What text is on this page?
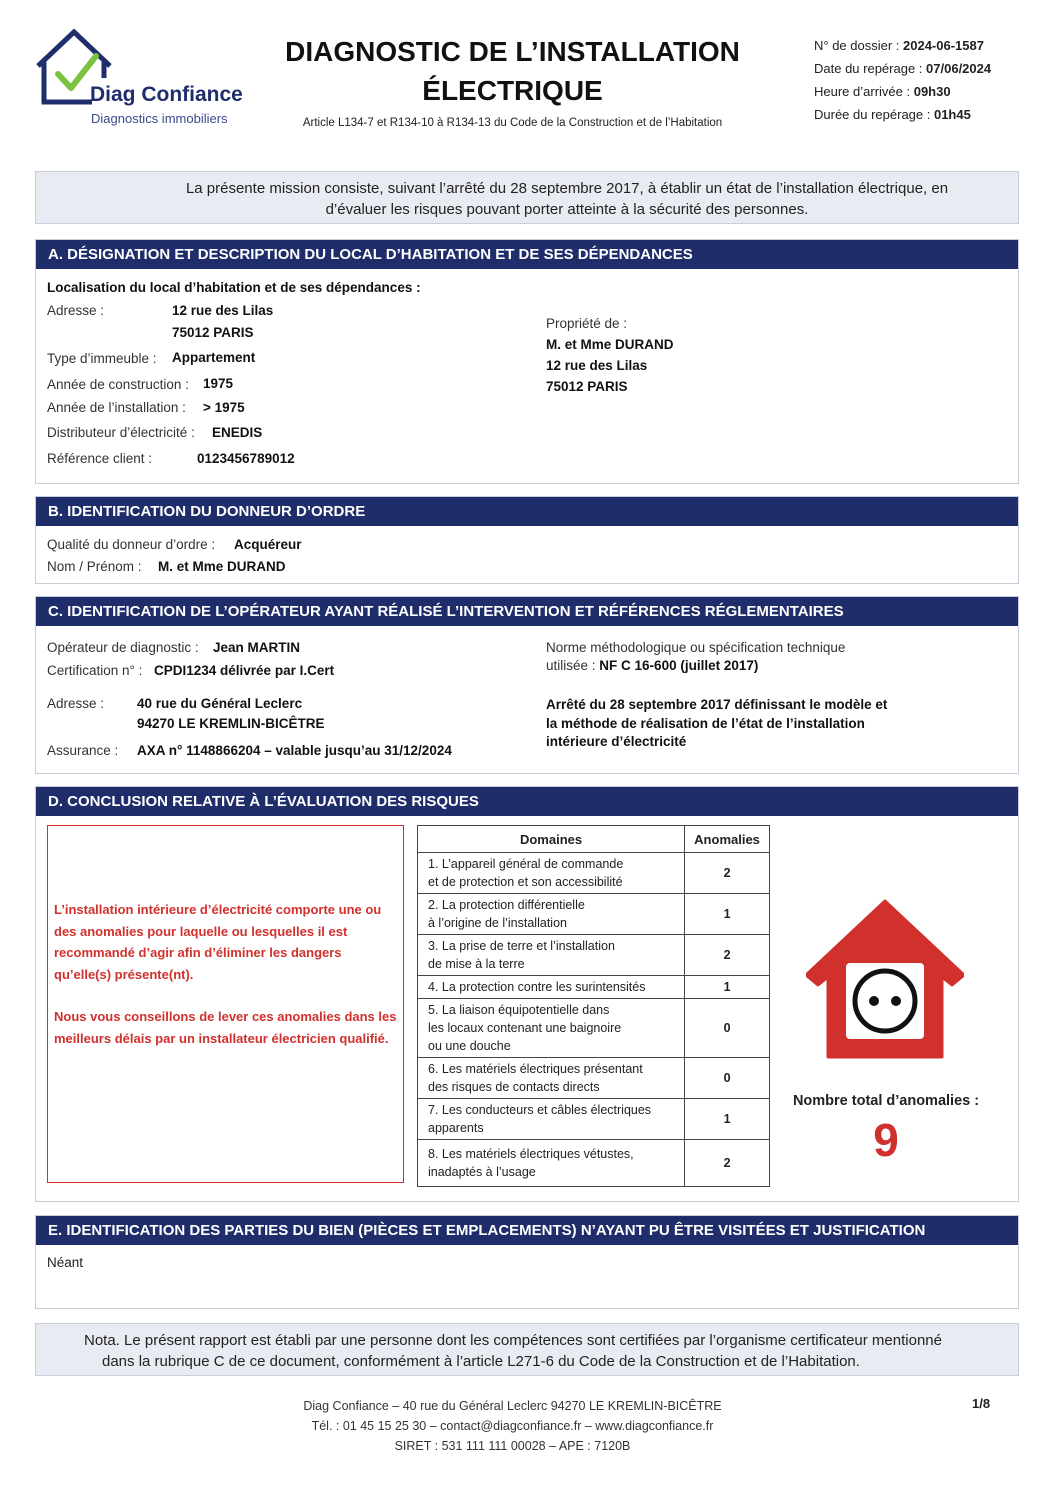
Diag Confiance
Diagnostics immobiliers
DIAGNOSTIC DE L’INSTALLATION
ÉLECTRIQUE
Article L134-7 et R134-10 à R134-13 du Code de la Construction et de l’Habitation
N° de dossier : 2024-06-1587
Date du repérage : 07/06/2024
Heure d’arrivée : 09h30
Durée du repérage : 01h45
La présente mission consiste, suivant l’arrêté du 28 septembre 2017, à établir un état de l’installation électrique, en
d’évaluer les risques pouvant porter atteinte à la sécurité des personnes.
A. DÉSIGNATION ET DESCRIPTION DU LOCAL D’HABITATION ET DE SES DÉPENDANCES
Localisation du local d’habitation et de ses dépendances :
Adresse :	12 rue des Lilas
75012 PARIS
Type d’immeuble : Appartement
Année de construction : 1975
Année de l’installation : > 1975
Distributeur d’électricité : ENEDIS
Référence client :	0123456789012
Propriété de :
M. et Mme DURAND
12 rue des Lilas
75012 PARIS
B. IDENTIFICATION DU DONNEUR D’ORDRE
Qualité du donneur d’ordre : Acquéreur
Nom / Prénom : M. et Mme DURAND
C. IDENTIFICATION DE L’OPÉRATEUR AYANT RÉALISÉ L’INTERVENTION ET RÉFÉRENCES RÉGLEMENTAIRES
Opérateur de diagnostic : Jean MARTIN
Certification n° : CPDI1234 délivrée par I.Cert
Adresse : 40 rue du Général Leclerc
94270 LE KREMLIN-BICÊTRE
Assurance : AXA n° 1148866204 – valable jusqu’au 31/12/2024
Norme méthodologique ou spécification technique
utilisée : NF C 16-600 (juillet 2017)
Arrêté du 28 septembre 2017 définissant le modèle et
la méthode de réalisation de l’état de l’installation
intérieure d’électricité
D. CONCLUSION RELATIVE À L’ÉVALUATION DES RISQUES

L’installation intérieure d’électricité comporte une ou des anomalies pour laquelle ou lesquelles il est recommandé d’agir afin d’éliminer les dangers qu’elle(s) présente(nt).

Nous vous conseillons de lever ces anomalies dans les meilleurs délais par un installateur électricien qualifié.

Domaines	Anomalies

1. L’appareil général de commande
et de protection et son accessibilité	2

2. La protection différentielle
à l’origine de l’installation	1

3. La prise de terre et l’installation
de mise à la terre	2

4. La protection contre les surintensités	1

5. La liaison équipotentielle dans
les locaux contenant une baignoire
ou une douche	0

6. Les matériels électriques présentant
des risques de contacts directs	0

7. Les conducteurs et câbles électriques
apparents	1

8. Les matériels électriques vétustes,
inadaptés à l’usage	2
Nombre total d’anomalies :
9
E. IDENTIFICATION DES PARTIES DU BIEN (PIÈCES ET EMPLACEMENTS) N’AYANT PU ÊTRE VISITÉES ET JUSTIFICATION
Néant
Nota. Le présent rapport est établi par une personne dont les compétences sont certifiées par l’organisme certificateur mentionné
dans la rubrique C de ce document, conformément à l’article L271-6 du Code de la Construction et de l’Habitation.
Diag Confiance – 40 rue du Général Leclerc 94270 LE KREMLIN-BICÊTRE
Tél. : 01 45 15 25 30 – contact@diagconfiance.fr – www.diagconfiance.fr
SIRET : 531 111 111 00028 – APE : 7120B
1/8
